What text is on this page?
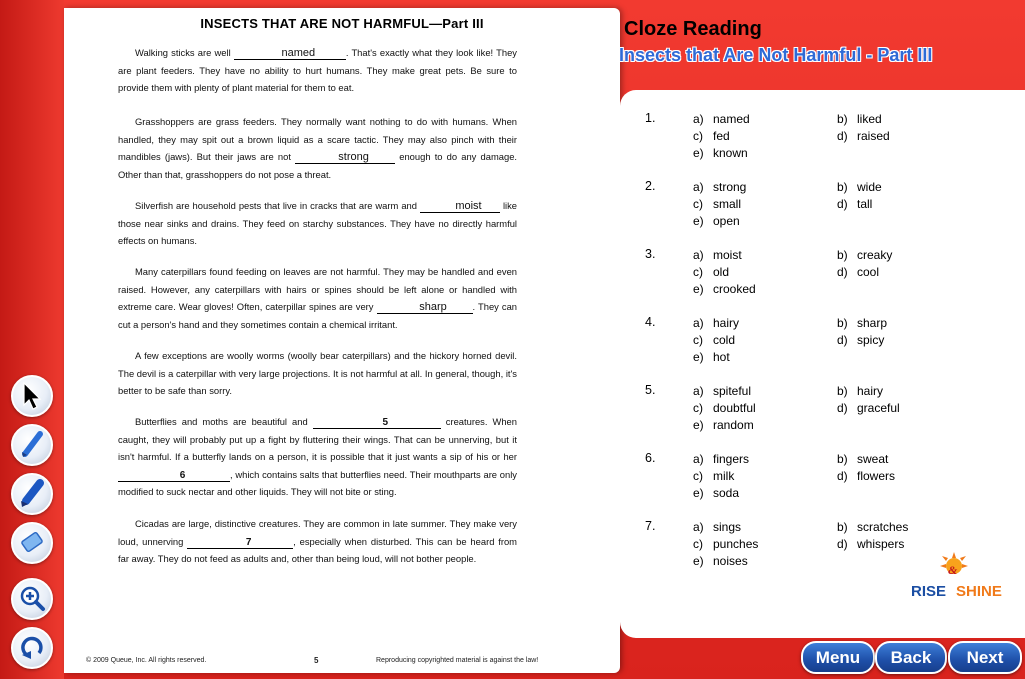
INSECTS THAT ARE NOT HARMFUL—Part III

Walking sticks are well	named	. That's exactly what they look like! They are plant feeders. They have no ability to hurt humans. They make great pets. Be sure to provide them with plenty of plant material for them to eat.

Grasshoppers are grass feeders. They normally want nothing to do with humans. When handled, they may spit out a brown liquid as a scare tactic. They may also pinch with their mandibles (jaws). But their jaws are not	strong	enough to do any damage. Other than that, grasshoppers do not pose a threat.

Silverfish are household pests that live in cracks that are warm and	moist like those near sinks and drains. They feed on starchy substances. They have no directly harmful effects on humans.

Many caterpillars found feeding on leaves are not harmful. They may be handled and even raised. However, any caterpillars with hairs or spines should be left alone or handled with extreme care. Wear gloves! Often, caterpillar spines are very	sharp	. They can cut a person's hand and they sometimes contain a chemical irritant.

A few exceptions are woolly worms (woolly bear caterpillars) and the hickory horned devil. The devil is a caterpillar with very large projections. It is not harmful at all. In general, though, it's better to be safe than sorry.

Butterflies and moths are beautiful and	5	creatures. When caught, they will probably put up a fight by fluttering their wings. That can be unnerving, but it isn't harmful. If a butterfly lands on a person, it is possible that it just wants a sip of his or her 6	, which contains salts that butterflies need. Their mouthparts are only modified to suck nectar and other liquids. They will not bite or sting.

Cicadas are large, distinctive creatures. They are common in late summer. They make very loud, unnerving	7	, especially when disturbed. This can be heard from far away. They do not feed as adults and, other than being loud, will not bother people.

© 2009 Queue, Inc. All rights reserved.	5	Reproducing copyrighted material is against the law!
Cloze Reading
Insects that Are Not Harmful - Part III
1.	a) named	b) liked
c) fed	d) raised
e) known
2.	a) strong	b) wide
c) small	d) tall
e) open
3.	a) moist	b) creaky
c) old	d) cool
e) crooked
4.	a) hairy	b) sharp
c) cold	d) spicy
e) hot
5.	a) spiteful	b) hairy
c) doubtful	d) graceful
e) random
6.	a) fingers	b) sweat
c) milk	d) flowers
e) soda
7.	a) sings	b) scratches
c) punches	d) whispers
e) noises
&
RISE SHINE
Menu	Back	Next
